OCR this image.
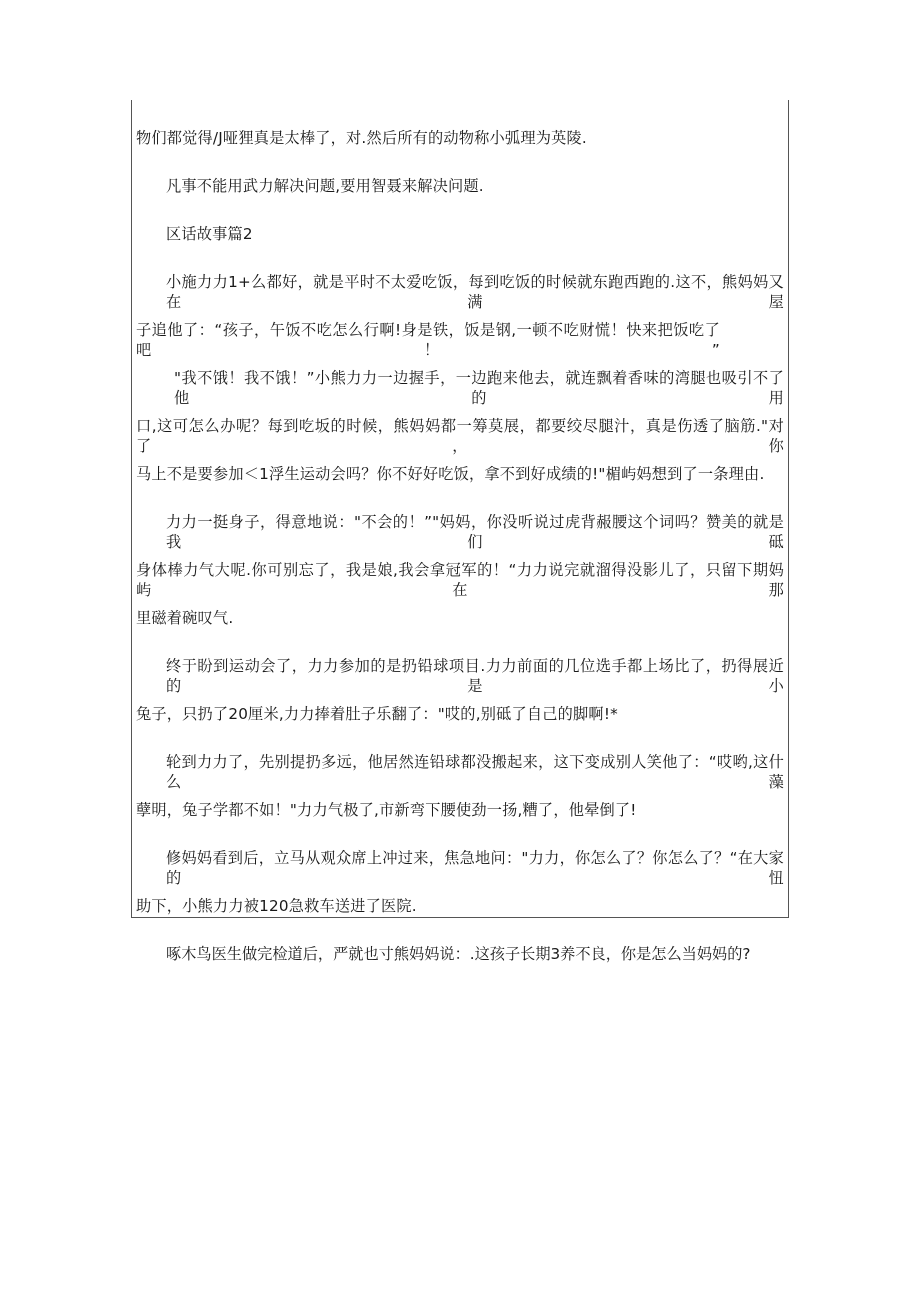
物们都觉得/J哑狸真是太棒了，对.然后所有的动物称小弧理为英陵.
凡事不能用武力解决问题,要用智聂来解决问题.
区话故事篇2
小施力力1+么都好，就是平时不太爱吃饭，每到吃饭的时候就东跑西跑的.这不，熊妈妈又在满屋
子追他了：“孩子，午饭不吃怎么行啊!身是铁，饭是钢,一顿不吃财慌！快来把饭吃了吧！”
"我不饿！我不饿！”小熊力力一边握手，一边跑来他去，就连飘着香味的湾腿也吸引不了他的用
口,这可怎么办呢？每到吃坂的时候，熊妈妈都一筹莫展，都要绞尽腿汁，真是伤透了脑筋."对了，你
马上不是要参加＜1浮生运动会吗？你不好好吃饭，拿不到好成绩的!"楣屿妈想到了一条理由.
力力一挺身子，得意地说："不会的！”"妈妈，你没听说过虎背赧腰这个词吗？赞美的就是我们砥
身体棒力气大呢.你可别忘了，我是娘,我会拿冠军的！“力力说完就溜得没影儿了，只留下期妈屿在那
里磁着碗叹气.
终于盼到运动会了，力力参加的是扔铅球项目.力力前面的几位选手都上场比了，扔得展近的是小
兔子，只扔了20厘米,力力捧着肚子乐翻了："哎的,别砥了自己的脚啊!*
轮到力力了，先别提扔多远，他居然连铅球都没搬起来，这下变成别人笑他了：“哎哟,这什么藻
孽明，兔子学都不如！"力力气极了,市新弯下腰使劲一扬,糟了，他晕倒了!
修妈妈看到后，立马从观众席上冲过来，焦急地问："力力，你怎么了？你怎么了？“在大家的忸
助下，小熊力力被120急救车送进了医院.
啄木鸟医生做完检道后，严就也寸熊妈妈说：.这孩子长期3养不良，你是怎么当妈妈的?
